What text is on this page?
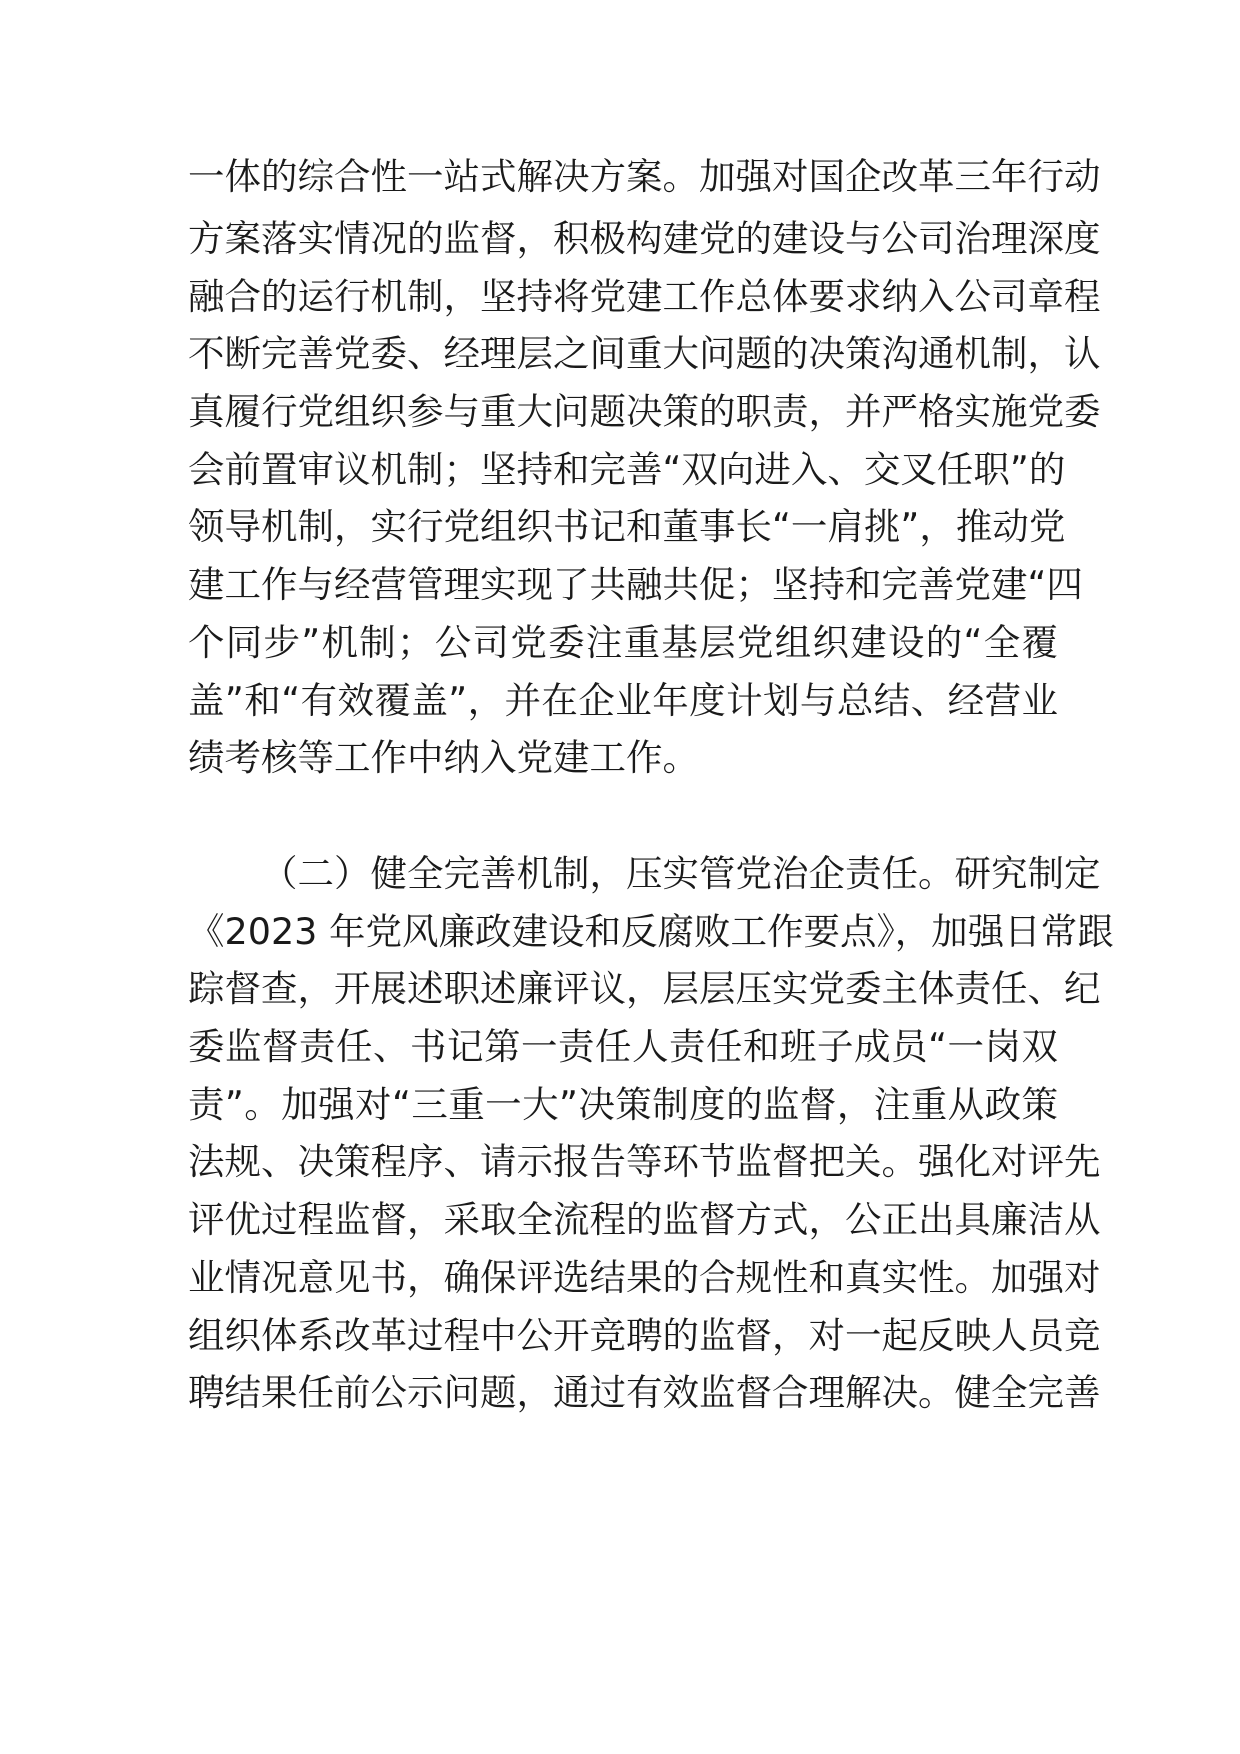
一体的综合性一站式解决方案。加强对国企改革三年行动
方案落实情况的监督，积极构建党的建设与公司治理深度
融合的运行机制，坚持将党建工作总体要求纳入公司章程
不断完善党委、经理层之间重大问题的决策沟通机制，认
真履行党组织参与重大问题决策的职责，并严格实施党委
会前置审议机制；坚持和完善“双向进入、交叉任职”的
领导机制，实行党组织书记和董事长“一肩挑”，推动党
建工作与经营管理实现了共融共促；坚持和完善党建“四
个同步”机制；公司党委注重基层党组织建设的“全覆
盖”和“有效覆盖”，并在企业年度计划与总结、经营业
绩考核等工作中纳入党建工作。
（二）健全完善机制，压实管党治企责任。研究制定
《2023 年党风廉政建设和反腐败工作要点》，加强日常跟
踪督查，开展述职述廉评议，层层压实党委主体责任、纪
委监督责任、书记第一责任人责任和班子成员“一岗双
责”。加强对“三重一大”决策制度的监督，注重从政策
法规、决策程序、请示报告等环节监督把关。强化对评先
评优过程监督，采取全流程的监督方式，公正出具廉洁从
业情况意见书，确保评选结果的合规性和真实性。加强对
组织体系改革过程中公开竞聘的监督，对一起反映人员竞
聘结果任前公示问题，通过有效监督合理解决。健全完善
